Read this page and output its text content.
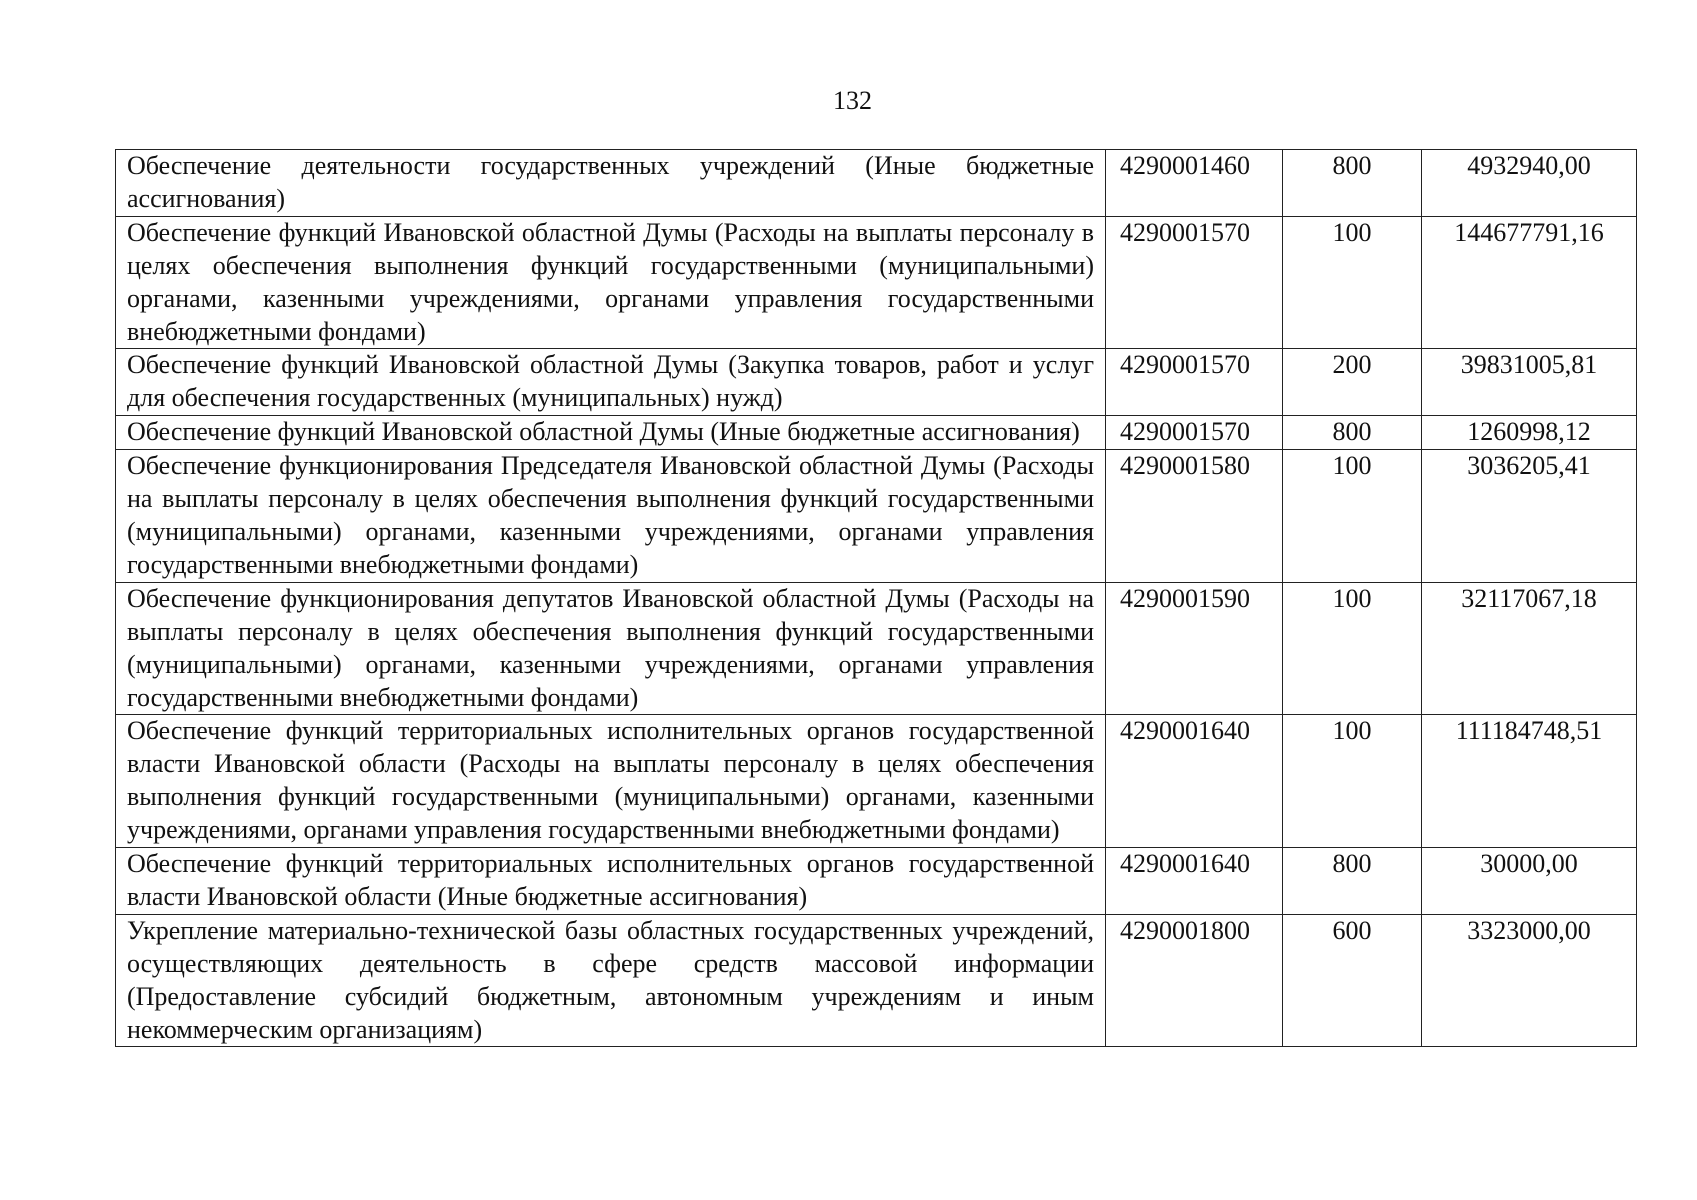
132
Обеспечение деятельности государственных учреждений (Иные бюджетные ассигнования)	4290001460	800	4932940,00
Обеспечение функций Ивановской областной Думы (Расходы на выплаты персоналу в целях обеспечения выполнения функций государственными (муниципальными) органами, казенными учреждениями, органами управления государственными внебюджетными фондами)	4290001570	100	144677791,16
Обеспечение функций Ивановской областной Думы (Закупка товаров, работ и услуг для обеспечения государственных (муниципальных) нужд)	4290001570	200	39831005,81
Обеспечение функций Ивановской областной Думы (Иные бюджетные ассигнования)	4290001570	800	1260998,12
Обеспечение функционирования Председателя Ивановской областной Думы (Расходы на выплаты персоналу в целях обеспечения выполнения функций государственными (муниципальными) органами, казенными учреждениями, органами управления государственными внебюджетными фондами)	4290001580	100	3036205,41
Обеспечение функционирования депутатов Ивановской областной Думы (Расходы на выплаты персоналу в целях обеспечения выполнения функций государственными (муниципальными) органами, казенными учреждениями, органами управления государственными внебюджетными фондами)	4290001590	100	32117067,18
Обеспечение функций территориальных исполнительных органов государственной власти Ивановской области (Расходы на выплаты персоналу в целях обеспечения выполнения функций государственными (муниципальными) органами, казенными учреждениями, органами управления государственными внебюджетными фондами)	4290001640	100	111184748,51
Обеспечение функций территориальных исполнительных органов государственной власти Ивановской области (Иные бюджетные ассигнования)	4290001640	800	30000,00
Укрепление материально-технической базы областных государственных учреждений, осуществляющих деятельность в сфере средств массовой информации (Предоставление субсидий бюджетным, автономным учреждениям и иным некоммерческим организациям)	4290001800	600	3323000,00
